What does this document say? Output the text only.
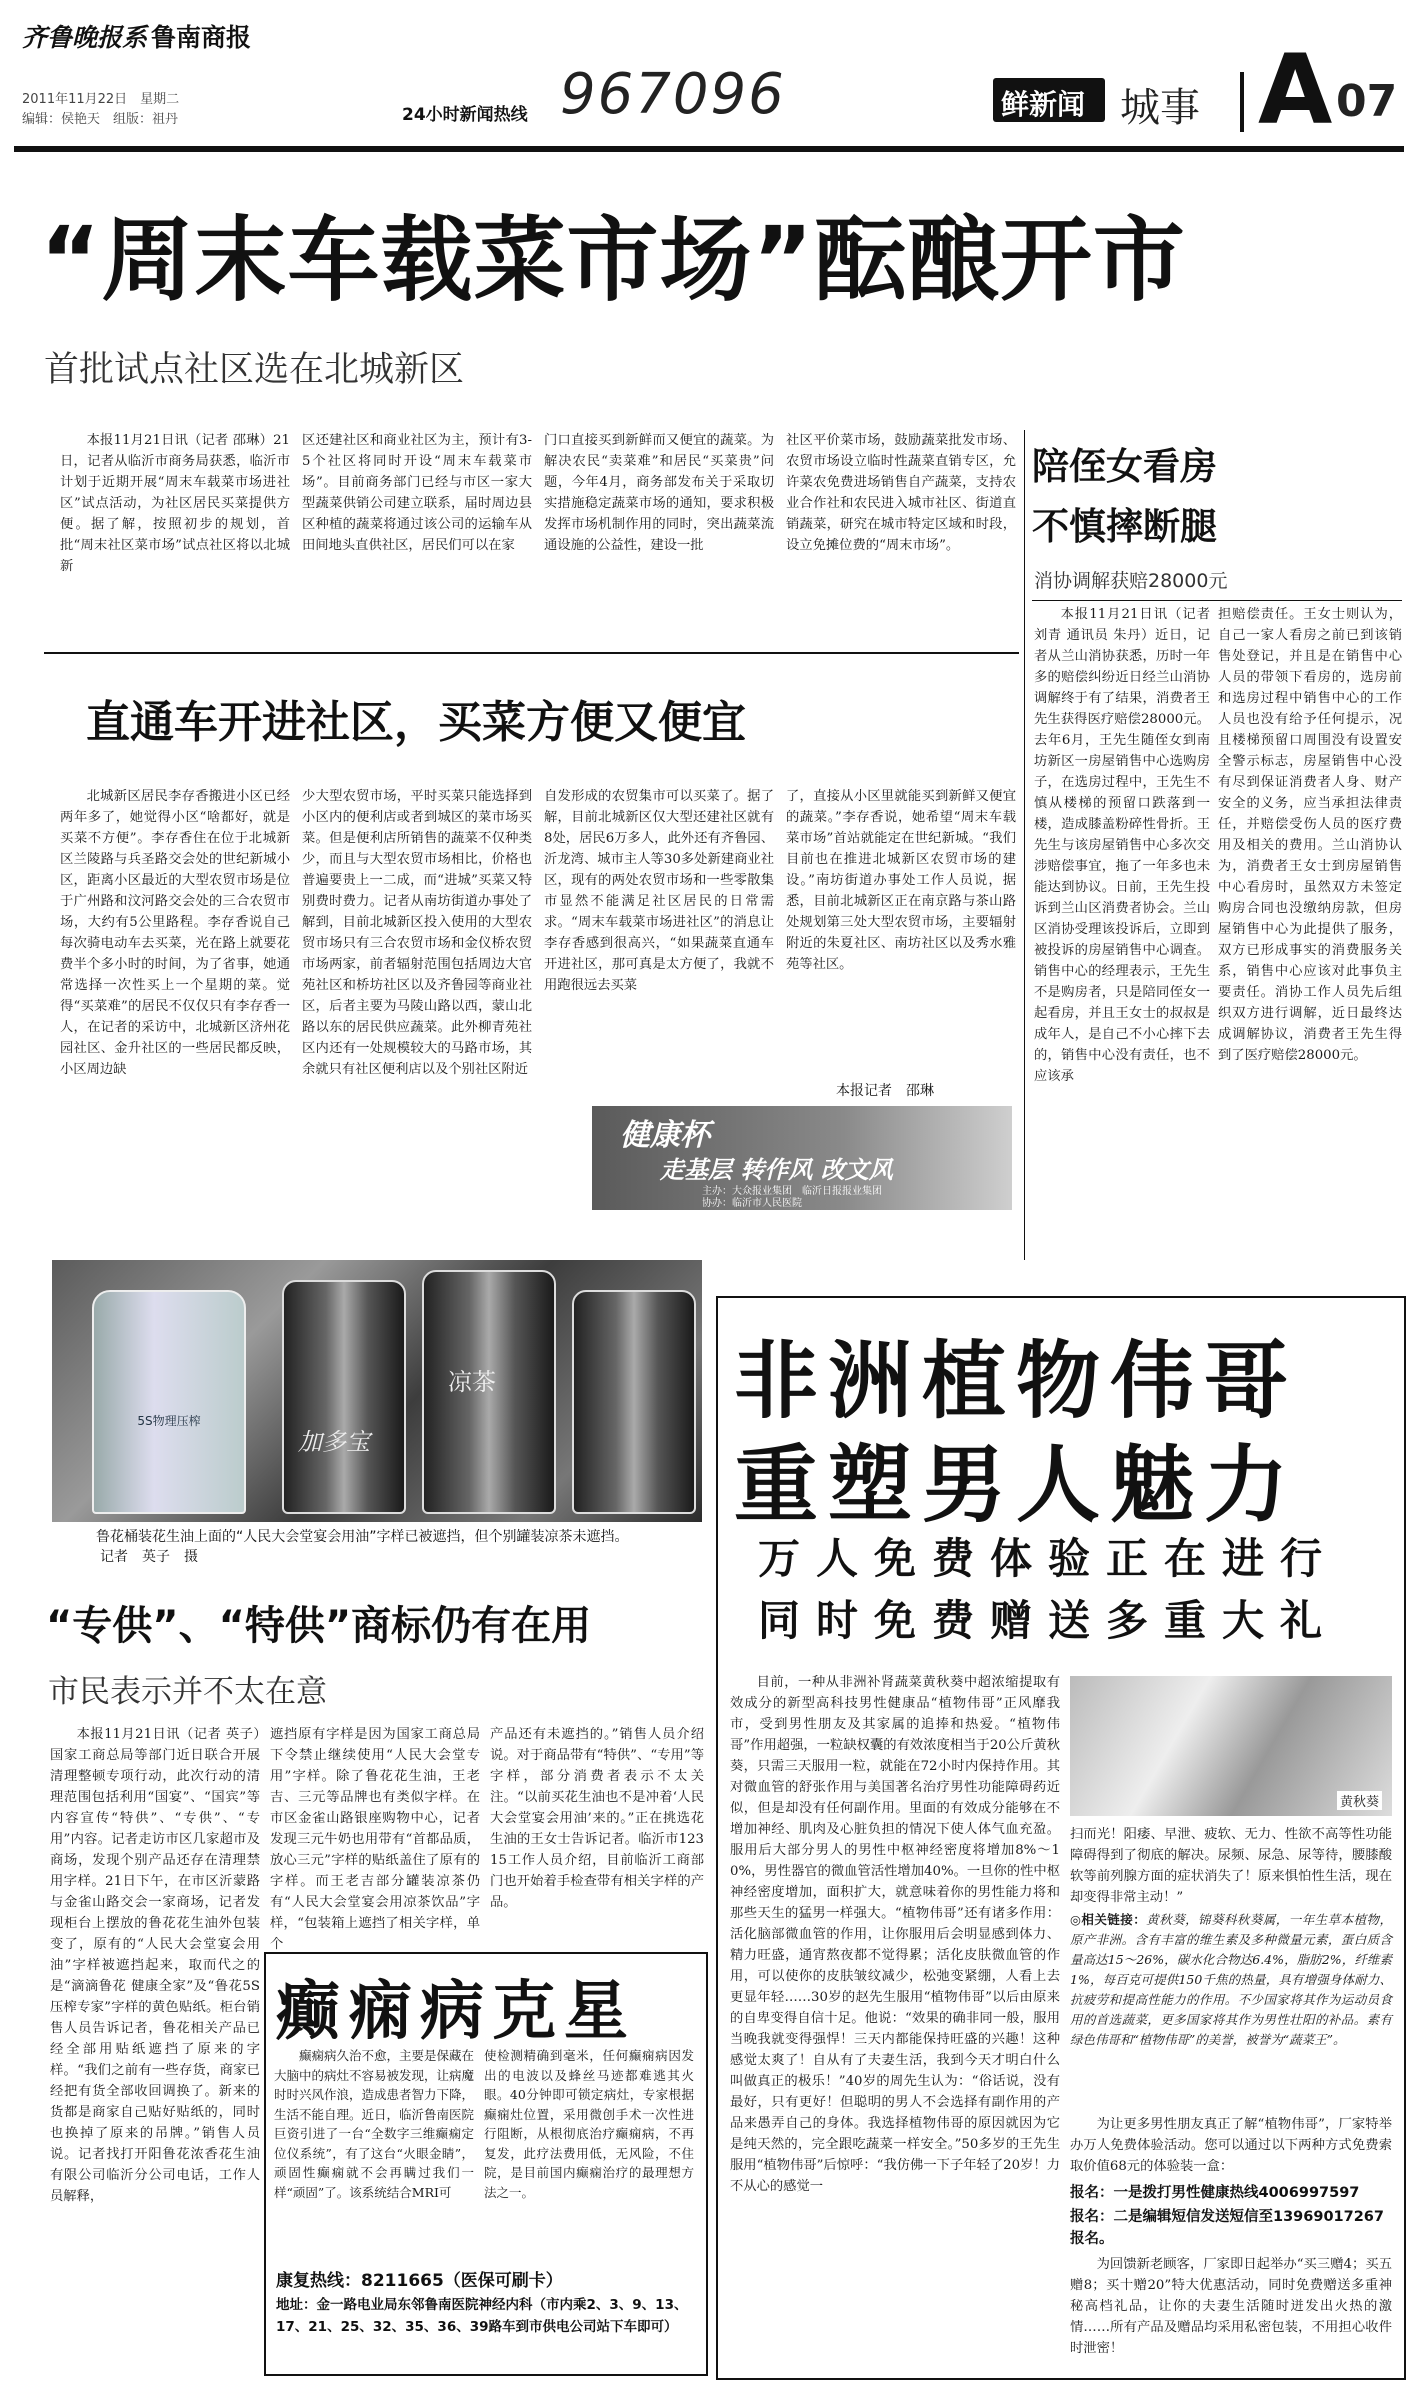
齐鲁晚报系 鲁南商报
2011年11月22日　星期二
编辑：侯艳天　组版：祖丹	24小时新闻热线 967096	鲜新闻 城事 A 07
“周末车载菜市场”酝酿开市
首批试点社区选在北城新区

本报11月21日讯（记者 邵琳）21日，记者从临沂市商务局获悉，临沂市计划于近期开展“周末车载菜市场进社区”试点活动，为社区居民买菜提供方便。据了解，按照初步的规划，首批“周末社区菜市场”试点社区将以北城新

区还建社区和商业社区为主，预计有3-5个社区将同时开设“周末车载菜市场”。目前商务部门已经与市区一家大型蔬菜供销公司建立联系，届时周边县区种植的蔬菜将通过该公司的运输车从田间地头直供社区，居民们可以在家

门口直接买到新鲜而又便宜的蔬菜。为解决农民“卖菜难”和居民“买菜贵”问题，今年4月，商务部发布关于采取切实措施稳定蔬菜市场的通知，要求积极发挥市场机制作用的同时，突出蔬菜流通设施的公益性，建设一批

社区平价菜市场，鼓励蔬菜批发市场、农贸市场设立临时性蔬菜直销专区，允许菜农免费进场销售自产蔬菜，支持农业合作社和农民进入城市社区、街道直销蔬菜，研究在城市特定区域和时段，设立免摊位费的“周末市场”。

直通车开进社区，买菜方便又便宜

北城新区居民李存香搬进小区已经两年多了，她觉得小区“啥都好，就是买菜不方便”。李存香住在位于北城新区兰陵路与兵圣路交会处的世纪新城小区，距离小区最近的大型农贸市场是位于广州路和汶河路交会处的三合农贸市场，大约有5公里路程。李存香说自己每次骑电动车去买菜，光在路上就要花费半个多小时的时间，为了省事，她通常选择一次性买上一个星期的菜。觉得“买菜难”的居民不仅仅只有李存香一人，在记者的采访中，北城新区济州花园社区、金升社区的一些居民都反映，小区周边缺

少大型农贸市场，平时买菜只能选择到小区内的便利店或者到城区的菜市场买菜。但是便利店所销售的蔬菜不仅种类少，而且与大型农贸市场相比，价格也普遍要贵上一二成，而“进城”买菜又特别费时费力。记者从南坊街道办事处了解到，目前北城新区投入使用的大型农贸市场只有三合农贸市场和金仪桥农贸市场两家，前者辐射范围包括周边大官苑社区和桥坊社区以及齐鲁园等商业社区，后者主要为马陵山路以西，蒙山北路以东的居民供应蔬菜。此外柳青苑社区内还有一处规模较大的马路市场，其余就只有社区便利店以及个别社区附近

自发形成的农贸集市可以买菜了。据了解，目前北城新区仅大型还建社区就有8处，居民6万多人，此外还有齐鲁园、沂龙湾、城市主人等30多处新建商业社区，现有的两处农贸市场和一些零散集市显然不能满足社区居民的日常需求。“周末车载菜市场进社区”的消息让李存香感到很高兴，“如果蔬菜直通车开进社区，那可真是太方便了，我就不用跑很远去买菜

了，直接从小区里就能买到新鲜又便宜的蔬菜。”李存香说，她希望“周末车载菜市场”首站就能定在世纪新城。“我们目前也在推进北城新区农贸市场的建设。”南坊街道办事处工作人员说，据悉，目前北城新区正在南京路与茶山路处规划第三处大型农贸市场，主要辐射附近的朱夏社区、南坊社区以及秀水雅苑等社区。

本报记者　邵琳
健康杯
走基层 转作风 改文风
主办：大众报业集团　临沂日报报业集团
协办：临沂市人民医院
陪侄女看房
不慎摔断腿
消协调解获赔28000元

本报11月21日讯（记者 刘青 通讯员 朱丹）近日，记者从兰山消协获悉，历时一年多的赔偿纠纷近日经兰山消协调解终于有了结果，消费者王先生获得医疗赔偿28000元。去年6月，王先生随侄女到南坊新区一房屋销售中心选购房子，在选房过程中，王先生不慎从楼梯的预留口跌落到一楼，造成膝盖粉碎性骨折。王先生与该房屋销售中心多次交涉赔偿事宜，拖了一年多也未能达到协议。日前，王先生投诉到兰山区消费者协会。兰山区消协受理该投诉后，立即到被投诉的房屋销售中心调查。销售中心的经理表示，王先生不是购房者，只是陪同侄女一起看房，并且王女士的叔叔是成年人，是自己不小心摔下去的，销售中心没有责任，也不应该承

担赔偿责任。王女士则认为，自己一家人看房之前已到该销售处登记，并且是在销售中心人员的带领下看房的，选房前和选房过程中销售中心的工作人员也没有给予任何提示，况且楼梯预留口周围没有设置安全警示标志，房屋销售中心没有尽到保证消费者人身、财产安全的义务，应当承担法律责任，并赔偿受伤人员的医疗费用及相关的费用。兰山消协认为，消费者王女士到房屋销售中心看房时，虽然双方未签定购房合同也没缴纳房款，但房屋销售中心为此提供了服务，双方已形成事实的消费服务关系，销售中心应该对此事负主要责任。消协工作人员先后组织双方进行调解，近日最终达成调解协议，消费者王先生得到了医疗赔偿28000元。

5S物理压榨
加多宝
凉茶
鲁花桶装花生油上面的“人民大会堂宴会用油”字样已被遮挡，但个别罐装凉茶未遮挡。
记者　英子　摄
“专供”、“特供”商标仍有在用
市民表示并不太在意

本报11月21日讯（记者 英子）国家工商总局等部门近日联合开展清理整顿专项行动，此次行动的清理范围包括利用“国宴”、“国宾”等内容宣传“特供”、“专供”、“专用”内容。记者走访市区几家超市及商场，发现个别产品还存在清理禁用字样。21日下午，在市区沂蒙路与金雀山路交会一家商场，记者发现柜台上摆放的鲁花花生油外包装变了，原有的“人民大会堂宴会用油”字样被遮挡起来，取而代之的是“滴滴鲁花 健康全家”及“鲁花5S压榨专家”字样的黄色贴纸。柜台销售人员告诉记者，鲁花相关产品已经全部用贴纸遮挡了原来的字样。“我们之前有一些存货，商家已经把有货全部收回调换了。新来的货都是商家自己贴好贴纸的，同时也换掉了原来的吊牌。”销售人员说。记者找打开阳鲁花浓香花生油有限公司临沂分公司电话，工作人员解释，

遮挡原有字样是因为国家工商总局下令禁止继续使用“人民大会堂专用”字样。除了鲁花花生油，王老吉、三元等品牌也有类似字样。在市区金雀山路银座购物中心，记者发现三元牛奶也用带有“首都品质，放心三元”字样的贴纸盖住了原有的字样。而王老吉部分罐装凉茶仍有“人民大会堂宴会用凉茶饮品”字样，“包装箱上遮挡了相关字样，单个

产品还有未遮挡的。”销售人员介绍说。对于商品带有“特供”、“专用”等字样，部分消费者表示不太关注。“以前买花生油也不是冲着‘人民大会堂宴会用油’来的。”正在挑选花生油的王女士告诉记者。临沂市12315工作人员介绍，目前临沂工商部门也开始着手检查带有相关字样的产品。

癫痫病克星

癫痫病久治不愈，主要是保藏在大脑中的病灶不容易被发现，让病魔时时兴风作浪，造成患者智力下降，生活不能自理。近日，临沂鲁南医院巨资引进了一台“全数字三维癫痫定位仪系统”，有了这台“火眼金睛”，顽固性癫痫就不会再瞒过我们一样“顽固”了。该系统结合MRI可

使检测精确到毫米，任何癫痫病因发出的电波以及蜂丝马迹都难逃其火眼。40分钟即可锁定病灶，专家根据癫痫灶位置，采用微创手术一次性进行阻断，从根彻底治疗癫痫病，不再复发，此疗法费用低，无风险，不住院，是目前国内癫痫治疗的最理想方法之一。

康复热线：8211665（医保可刷卡）
地址：金一路电业局东邻鲁南医院神经内科（市内乘2、3、9、13、17、21、25、32、35、36、39路车到市供电公司站下车即可）
非洲植物伟哥
重塑男人魅力
万人免费体验正在进行
同时免费赠送多重大礼

目前，一种从非洲补肾蔬菜黄秋葵中超浓缩提取有效成分的新型高科技男性健康品“植物伟哥”正风靡我市，受到男性朋友及其家属的追捧和热爱。“植物伟哥”作用超强，一粒缺权囊的有效浓度相当于20公斤黄秋葵，只需三天服用一粒，就能在72小时内保持作用。其对微血管的舒张作用与美国著名治疗男性功能障碍药近似，但是却没有任何副作用。里面的有效成分能够在不增加神经、肌肉及心脏负担的情况下使人体气血充盈。服用后大部分男人的男性中枢神经密度将增加8%～10%，男性器官的微血管活性增加40%。一旦你的性中枢神经密度增加，面积扩大，就意味着你的男性能力将和那些天生的猛男一样强大。“植物伟哥”还有诸多作用：活化脑部微血管的作用，让你服用后会明显感到体力、精力旺盛，通宵熬夜都不觉得累；活化皮肤微血管的作用，可以使你的皮肤皱纹减少，松弛变紧绷，人看上去更显年轻……30岁的赵先生服用“植物伟哥”以后由原来的自卑变得自信十足。他说：“效果的确非同一般，服用当晚我就变得强悍！三天内都能保持旺盛的兴趣！这种感觉太爽了！自从有了夫妻生活，我到今天才明白什么叫做真正的极乐！”40岁的周先生认为：“俗话说，没有最好，只有更好！但聪明的男人不会选择有副作用的产品来愚弄自己的身体。我选择植物伟哥的原因就因为它是纯天然的，完全跟吃蔬菜一样安全。”50多岁的王先生服用“植物伟哥”后惊呼：“我仿佛一下子年轻了20岁！力不从心的感觉一

黄秋葵

扫而光！阳痿、早泄、疲软、无力、性欲不高等性功能障碍得到了彻底的解决。尿频、尿急、尿等待，腰膝酸软等前列腺方面的症状消失了！原来惧怕性生活，现在却变得非常主动！”

◎相关链接：黄秋葵，锦葵科秋葵属，一年生草本植物，原产非洲。含有丰富的维生素及多种微量元素，蛋白质含量高达15～26%，碳水化合物达6.4%，脂肪2%，纤维素1%，每百克可提供150千焦的热量，具有增强身体耐力、抗疲劳和提高性能力的作用。不少国家将其作为运动员食用的首选蔬菜，更多国家将其作为男性壮阳的补品。素有绿色伟哥和“植物伟哥”的美誉，被誉为“蔬菜王”。

为让更多男性朋友真正了解“植物伟哥”，厂家特举办万人免费体验活动。您可以通过以下两种方式免费索取价值68元的体验装一盒：

报名：一是拨打男性健康热线4006997597
报名：二是编辑短信发送短信至13969017267报名。

为回馈新老顾客，厂家即日起举办“买三赠4；买五赠8；买十赠20”特大优惠活动，同时免费赠送多重神秘高档礼品，让你的夫妻生活随时迸发出火热的激情……所有产品及赠品均采用私密包装，不用担心收件时泄密！
